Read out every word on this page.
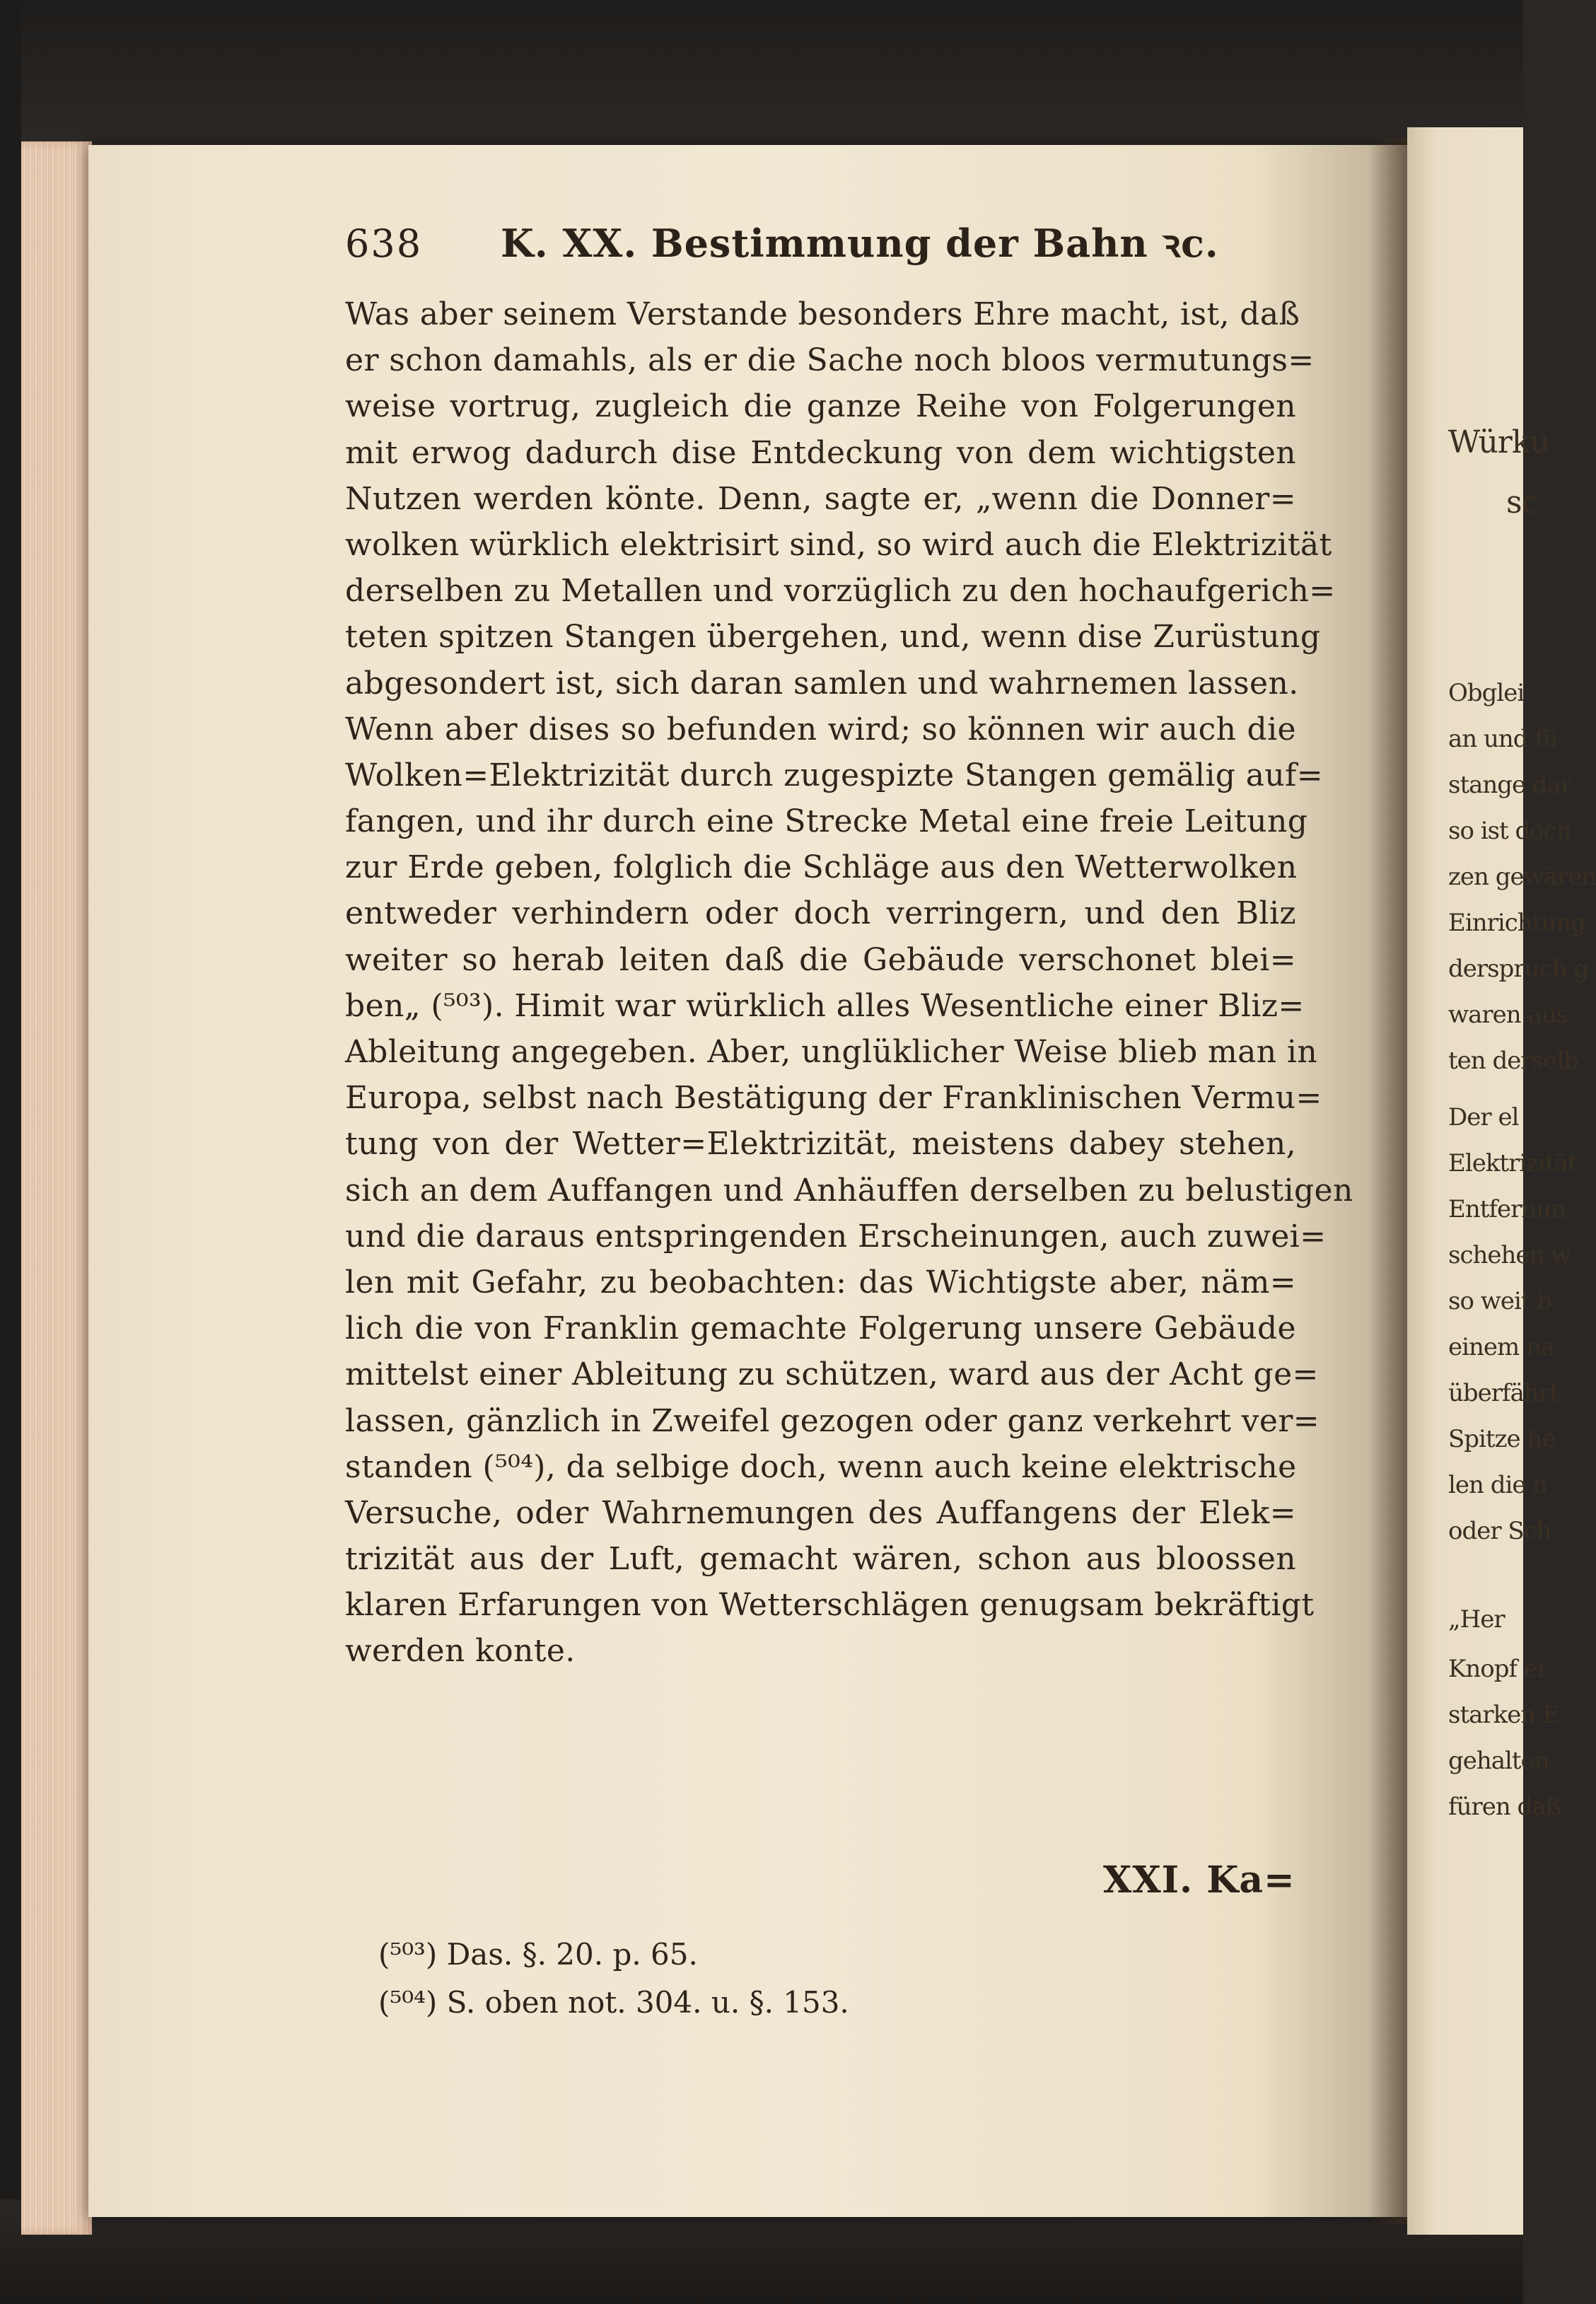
638	K. XX. Bestimmung der Bahn ꝛc.
Was aber seinem Verstande besonders Ehre macht, ist, daß
er schon damahls, als er die Sache noch bloos vermutungs=
weise vortrug, zugleich die ganze Reihe von Folgerungen
mit erwog dadurch dise Entdeckung von dem wichtigsten
Nutzen werden könte. Denn, sagte er, „wenn die Donner=
wolken würklich elektrisirt sind, so wird auch die Elektrizität
derselben zu Metallen und vorzüglich zu den hochaufgerich=
teten spitzen Stangen übergehen, und, wenn dise Zurüstung
abgesondert ist, sich daran samlen und wahrnemen lassen.
Wenn aber dises so befunden wird; so können wir auch die
Wolken=Elektrizität durch zugespizte Stangen gemälig auf=
fangen, und ihr durch eine Strecke Metal eine freie Leitung
zur Erde geben, folglich die Schläge aus den Wetterwolken
entweder verhindern oder doch verringern, und den Bliz
weiter so herab leiten daß die Gebäude verschonet blei=
ben„ (⁵⁰³). Himit war würklich alles Wesentliche einer Bliz=
Ableitung angegeben. Aber, unglüklicher Weise blieb man in
Europa, selbst nach Bestätigung der Franklinischen Vermu=
tung von der Wetter=Elektrizität, meistens dabey stehen,
sich an dem Auffangen und Anhäuffen derselben zu belustigen
und die daraus entspringenden Erscheinungen, auch zuwei=
len mit Gefahr, zu beobachten: das Wichtigste aber, näm=
lich die von Franklin gemachte Folgerung unsere Gebäude
mittelst einer Ableitung zu schützen, ward aus der Acht ge=
lassen, gänzlich in Zweifel gezogen oder ganz verkehrt ver=
standen (⁵⁰⁴), da selbige doch, wenn auch keine elektrische
Versuche, oder Wahrnemungen des Auffangens der Elek=
trizität aus der Luft, gemacht wären, schon aus bloossen
klaren Erfarungen von Wetterschlägen genugsam bekräftigt
werden konte.
XXI. Ka=
(⁵⁰³) Das. §. 20. p. 65.
(⁵⁰⁴) S. oben not. 304. u. §. 153.
Würku
sc
Obglei
an und fü
stange dar
so ist doch
zen gewären
Einrichtung
derspruch g
waren aus
ten derselb
Der el
Elektrizität
Entfernun
schehen w
so weit b
einem na
überfährt
Spitze he
len die n
oder Sch
„Her
Knopf ei
starken E
gehalten
füren daß
